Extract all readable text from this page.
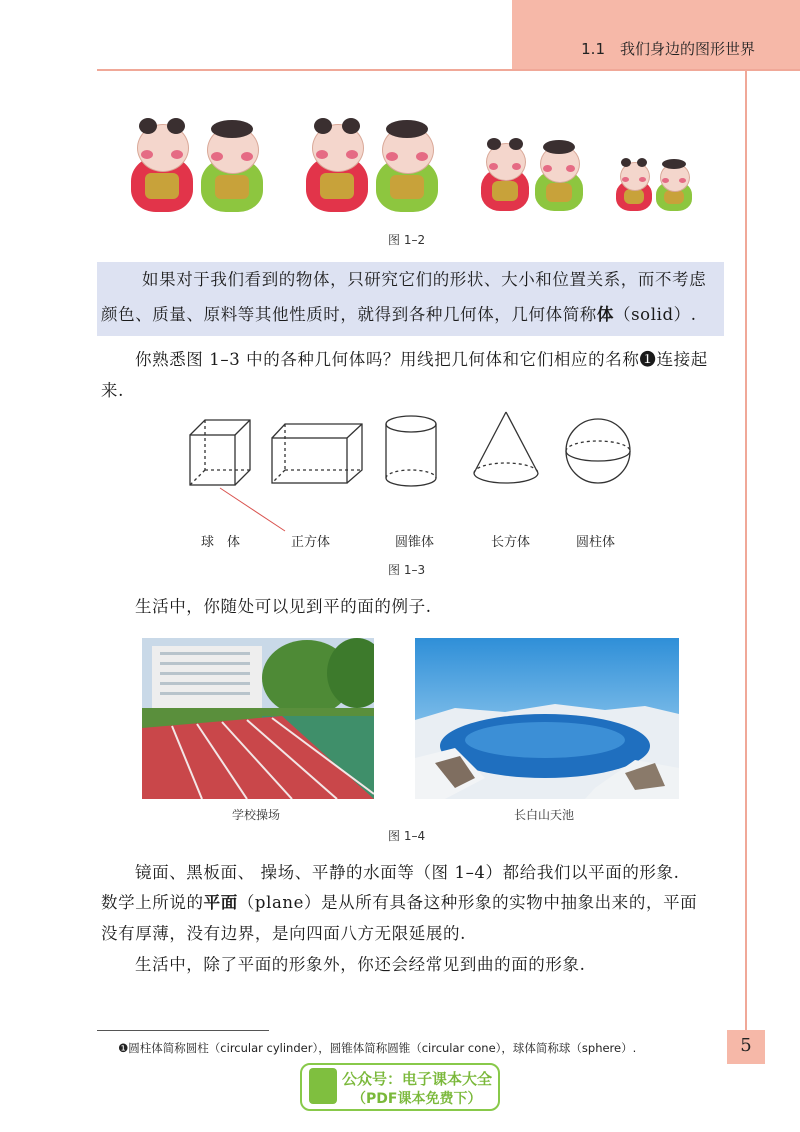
1.1　我们身边的图形世界
图 1–2
如果对于我们看到的物体，只研究它们的形状、大小和位置关系，而不考虑
颜色、质量、原料等其他性质时，就得到各种几何体，几何体简称体（solid）.
你熟悉图 1–3 中的各种几何体吗？用线把几何体和它们相应的名称❶连接起
来.
球　体	正方体	圆锥体	长方体	圆柱体
图 1–3
生活中，你随处可以见到平的面的例子.
学校操场	长白山天池
图 1–4
镜面、黑板面、 操场、平静的水面等（图 1–4）都给我们以平面的形象.
数学上所说的平面（plane）是从所有具备这种形象的实物中抽象出来的，平面
没有厚薄，没有边界，是向四面八方无限延展的.
生活中，除了平面的形象外，你还会经常见到曲的面的形象.
❶圆柱体简称圆柱（circular cylinder），圆锥体简称圆锥（circular cone），球体简称球（sphere）.	5
公众号：电子课本大全
（PDF课本免费下）
